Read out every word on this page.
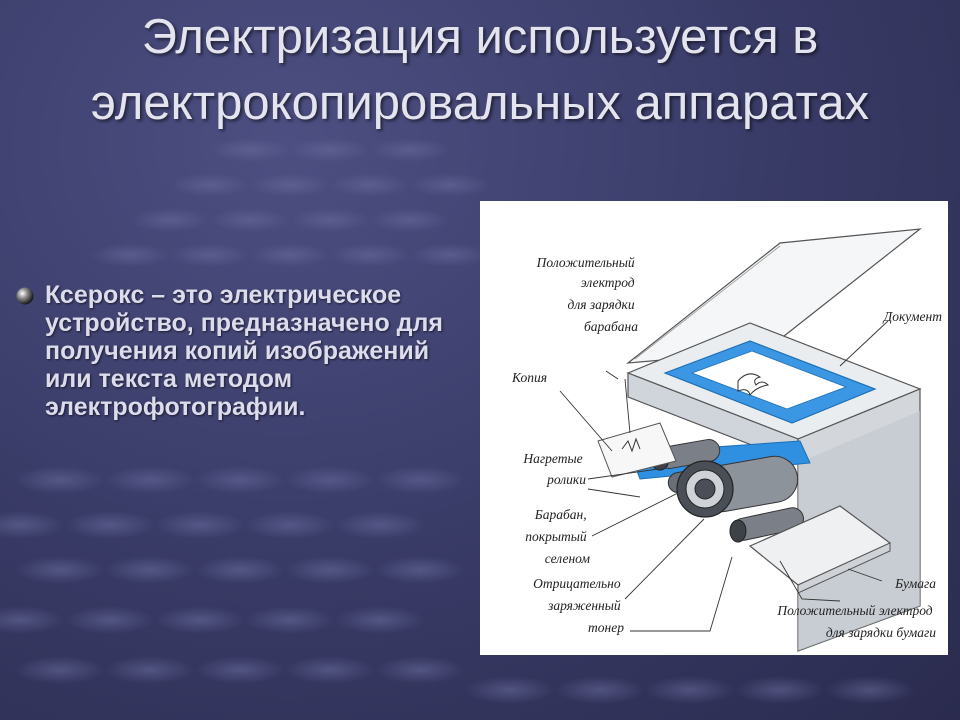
Электризация используется в электрокопировальных аппаратах
Ксерокс – это электрическое устройство, предназначено для получения копий изображений или текста методом электрофотографии.
Положительный электрод для зарядки барабана
Документ
Копия
Нагретые ролики
Барабан, покрытый селеном
Отрицательно заряженный тонер
Бумага
Положительный электрод для зарядки бумаги
